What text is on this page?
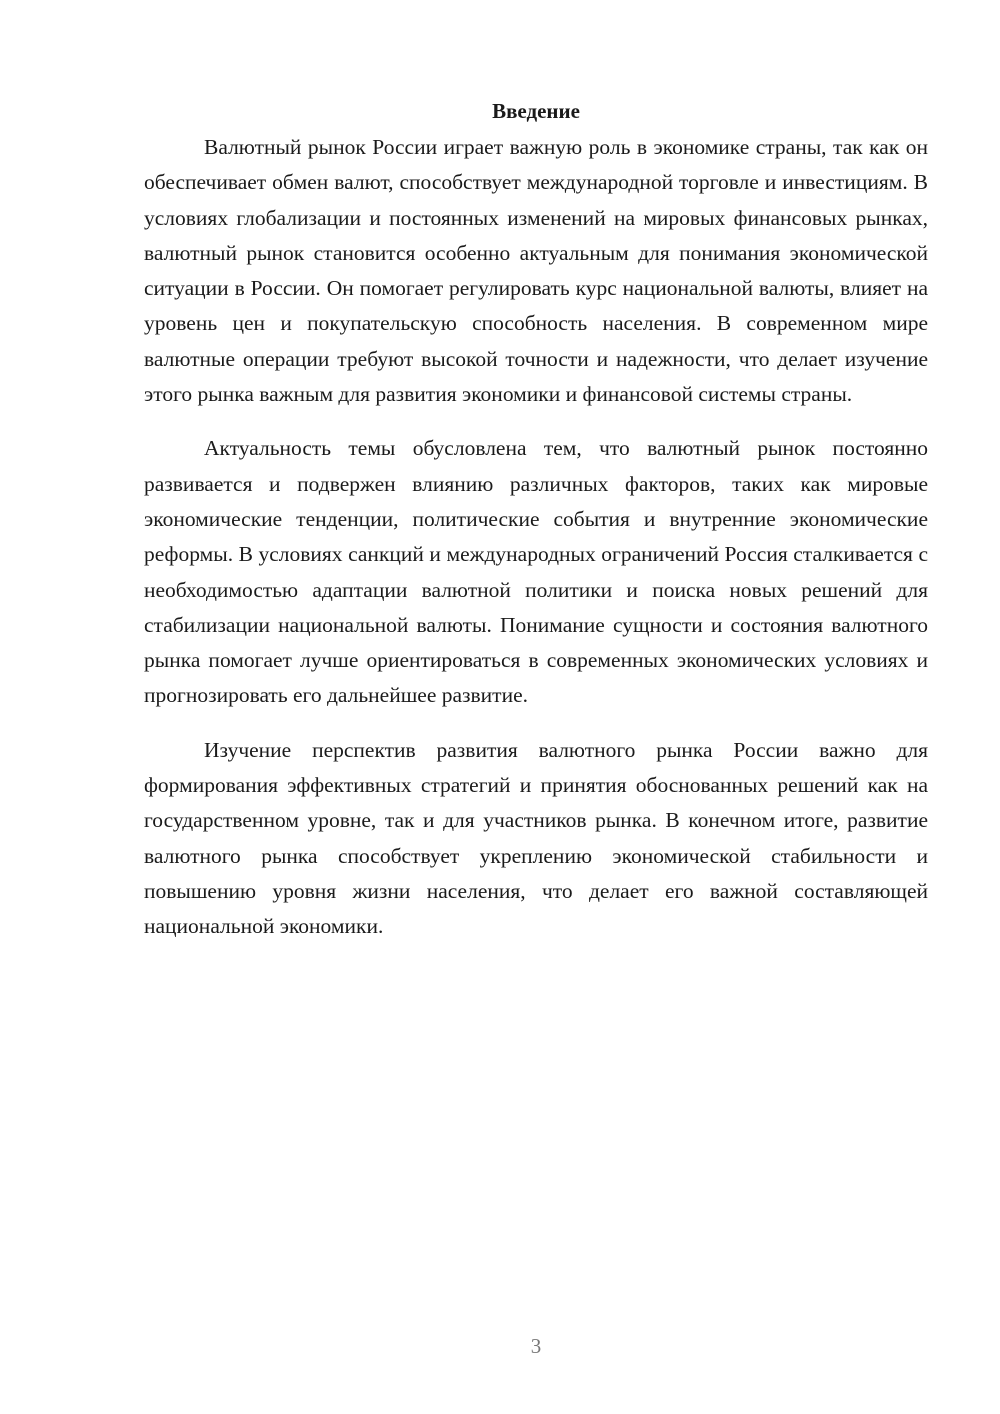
Введение

Валютный рынок России играет важную роль в экономике страны, так как он обеспечивает обмен валют, способствует международной торговле и инвестициям. В условиях глобализации и постоянных изменений на мировых финансовых рынках, валютный рынок становится особенно актуальным для понимания экономической ситуации в России. Он помогает регулировать курс национальной валюты, влияет на уровень цен и покупательскую способность населения. В современном мире валютные операции требуют высокой точности и надежности, что делает изучение этого рынка важным для развития экономики и финансовой системы страны.

Актуальность темы обусловлена тем, что валютный рынок постоянно развивается и подвержен влиянию различных факторов, таких как мировые экономические тенденции, политические события и внутренние экономические реформы. В условиях санкций и международных ограничений Россия сталкивается с необходимостью адаптации валютной политики и поиска новых решений для стабилизации национальной валюты. Понимание сущности и состояния валютного рынка помогает лучше ориентироваться в современных экономических условиях и прогнозировать его дальнейшее развитие.

Изучение перспектив развития валютного рынка России важно для формирования эффективных стратегий и принятия обоснованных решений как на государственном уровне, так и для участников рынка. В конечном итоге, развитие валютного рынка способствует укреплению экономической стабильности и повышению уровня жизни населения, что делает его важной составляющей национальной экономики.

3
